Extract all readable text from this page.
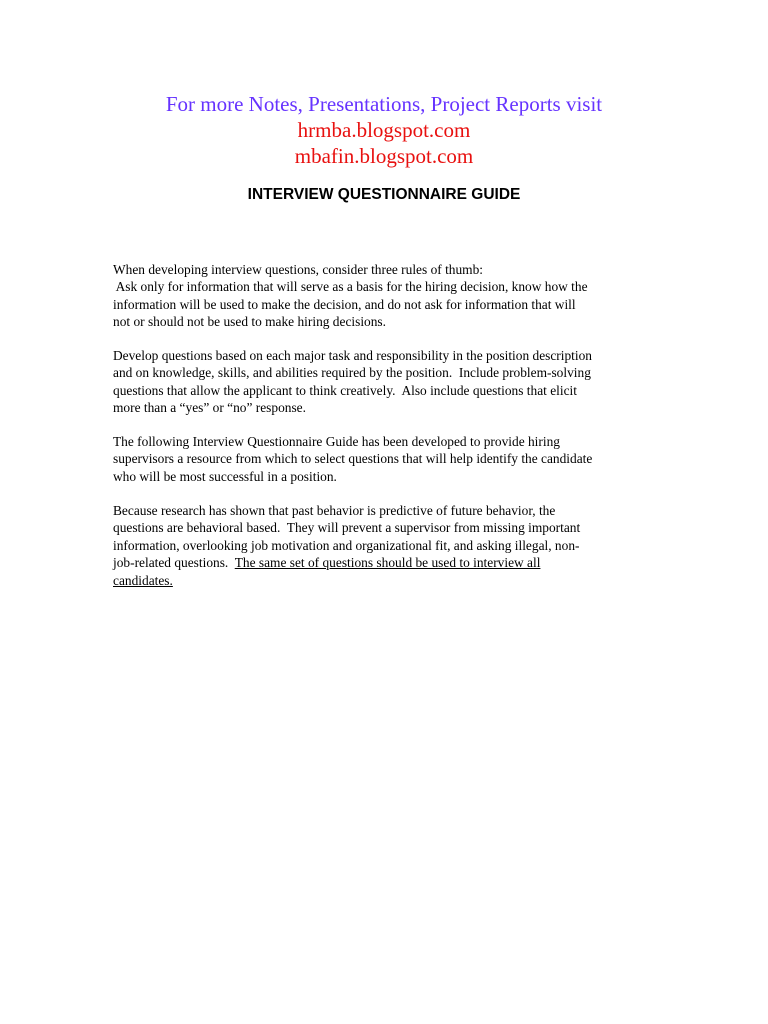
For more Notes, Presentations, Project Reports visit
hrmba.blogspot.com
mbafin.blogspot.com
INTERVIEW QUESTIONNAIRE GUIDE
When developing interview questions, consider three rules of thumb:
Ask only for information that will serve as a basis for the hiring decision, know how the
information will be used to make the decision, and do not ask for information that will
not or should not be used to make hiring decisions.
Develop questions based on each major task and responsibility in the position description
and on knowledge, skills, and abilities required by the position.  Include problem-solving
questions that allow the applicant to think creatively.  Also include questions that elicit
more than a “yes” or “no” response.
The following Interview Questionnaire Guide has been developed to provide hiring
supervisors a resource from which to select questions that will help identify the candidate
who will be most successful in a position.
Because research has shown that past behavior is predictive of future behavior, the
questions are behavioral based.  They will prevent a supervisor from missing important
information, overlooking job motivation and organizational fit, and asking illegal, non-
job-related questions.  The same set of questions should be used to interview all
candidates.
